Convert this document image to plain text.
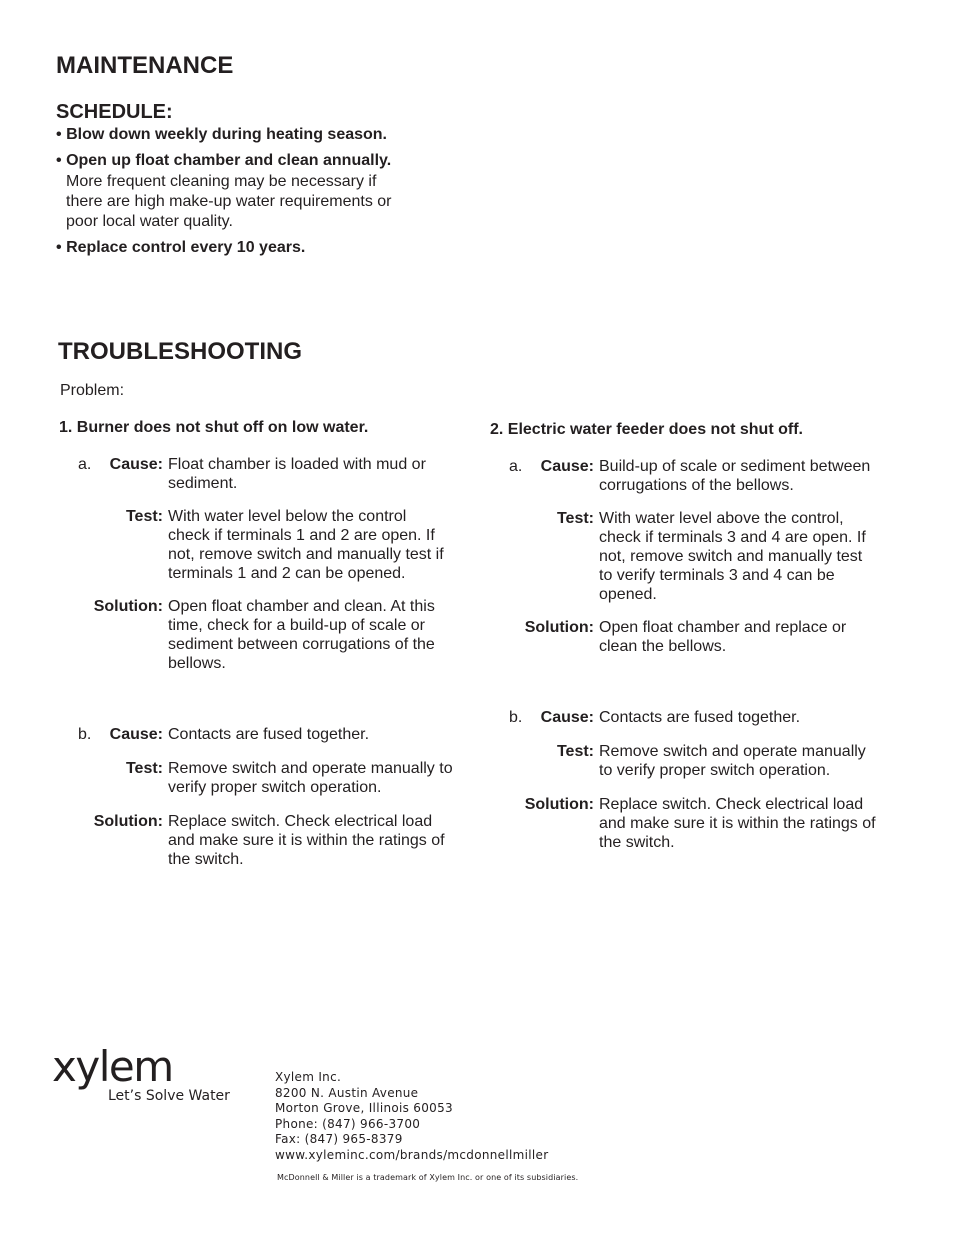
MAINTENANCE
SCHEDULE:
• Blow down weekly during heating season.
• Open up float chamber and clean annually.
More frequent cleaning may be necessary if
there are high make-up water requirements or
poor local water quality.
• Replace control every 10 years.
TROUBLESHOOTING
Problem:
1. Burner does not shut off on low water.
a.	Cause: Float chamber is loaded with mud or
sediment.
Test: With water level below the control
check if terminals 1 and 2 are open. If
not, remove switch and manually test if
terminals 1 and 2 can be opened.
Solution: Open float chamber and clean. At this
time, check for a build-up of scale or
sediment between corrugations of the
bellows.
b.	Cause: Contacts are fused together.
Test: Remove switch and operate manually to
verify proper switch operation.
Solution: Replace switch. Check electrical load
and make sure it is within the ratings of
the switch.
2. Electric water feeder does not shut off.
a.	Cause: Build-up of scale or sediment between
corrugations of the bellows.
Test: With water level above the control,
check if terminals 3 and 4 are open. If
not, remove switch and manually test
to verify terminals 3 and 4 can be
opened.
Solution: Open float chamber and replace or
clean the bellows.
b.	Cause: Contacts are fused together.
Test: Remove switch and operate manually
to verify proper switch operation.
Solution: Replace switch. Check electrical load
and make sure it is within the ratings of
the switch.
xylem
Let’s Solve Water
Xylem Inc.
8200 N. Austin Avenue
Morton Grove, Illinois 60053
Phone: (847) 966-3700
Fax: (847) 965-8379
www.xyleminc.com/brands/mcdonnellmiller
McDonnell & Miller is a trademark of Xylem Inc. or one of its subsidiaries.
